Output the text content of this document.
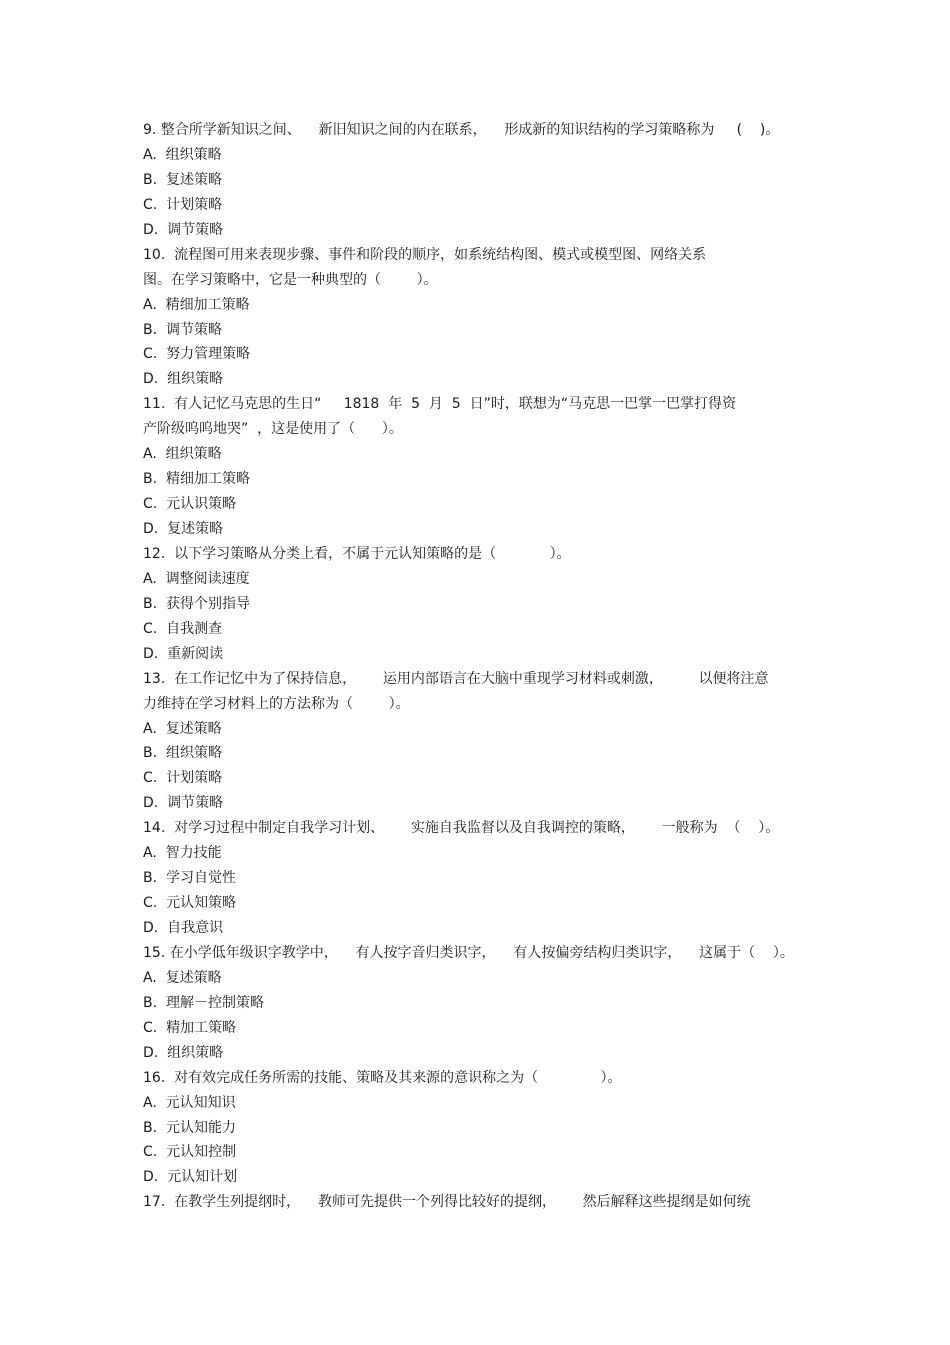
9. 整合所学新知识之间、    新旧知识之间的内在联系，    形成新的知识结构的学习策略称为     (    )。
A.  组织策略
B.  复述策略
C.  计划策略
D.  调节策略
10.  流程图可用来表现步骤、事件和阶段的顺序，如系统结构图、模式或模型图、网络关系
图。在学习策略中，它是一种典型的（        ）。
A.  精细加工策略
B.  调节策略
C.  努力管理策略
D.  组织策略
11.  有人记忆马克思的生日“     1818  年  5  月  5  日”时，联想为“马克思一巴掌一巴掌打得资
产阶级呜呜地哭”  ，这是使用了（      ）。
A.  组织策略
B.  精细加工策略
C.  元认识策略
D.  复述策略
12.  以下学习策略从分类上看，不属于元认知策略的是（            ）。
A.  调整阅读速度
B.  获得个别指导
C.  自我测查
D.  重新阅读
13.  在工作记忆中为了保持信息，      运用内部语言在大脑中重现学习材料或刺激，        以便将注意
力维持在学习材料上的方法称为（        ）。
A.  复述策略
B.  组织策略
C.  计划策略
D.  调节策略
14.  对学习过程中制定自我学习计划、      实施自我监督以及自我调控的策略，      一般称为  （    ）。
A.  智力技能
B.  学习自觉性
C.  元认知策略
D.  自我意识
15. 在小学低年级识字教学中，    有人按字音归类识字，    有人按偏旁结构归类识字，    这属于（    ）。
A.  复述策略
B.  理解－控制策略
C.  精加工策略
D.  组织策略
16.  对有效完成任务所需的技能、策略及其来源的意识称之为（              ）。
A.  元认知知识
B.  元认知能力
C.  元认知控制
D.  元认知计划
17.  在教学生列提纲时，    教师可先提供一个列得比较好的提纲，      然后解释这些提纲是如何统
